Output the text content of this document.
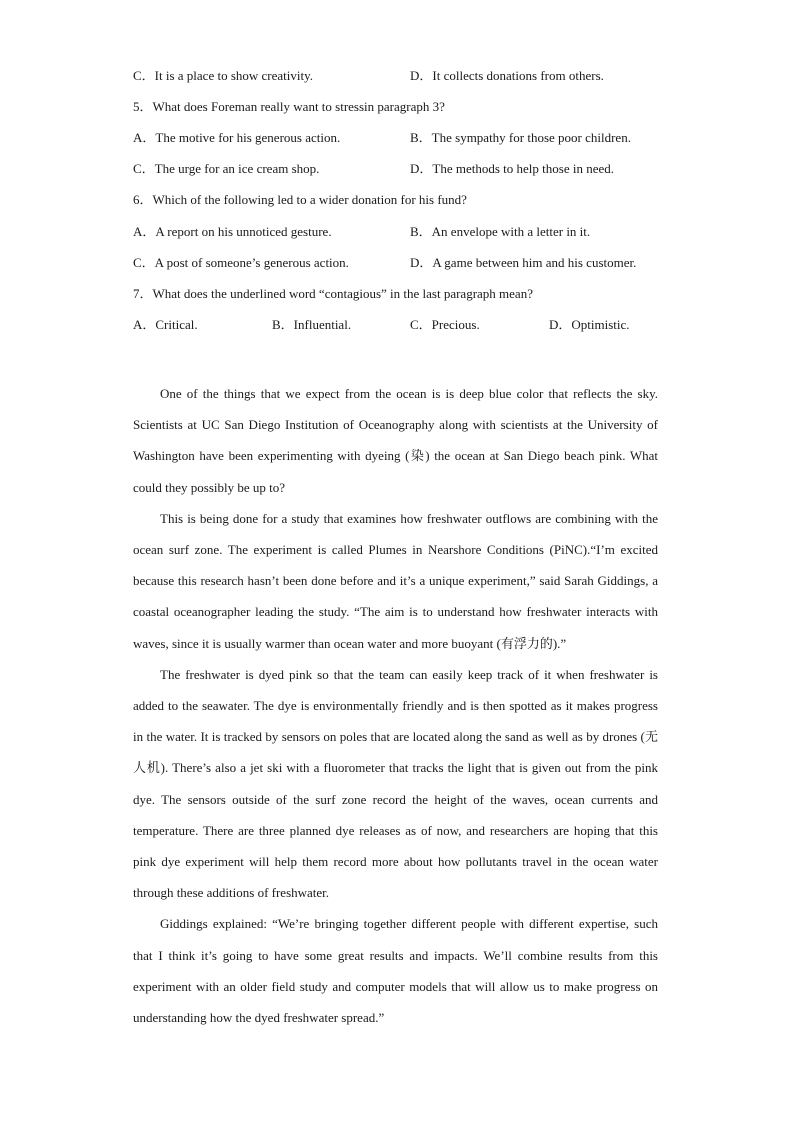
C．It is a place to show creativity.	D．It collects donations from others.
5．What does Foreman really want to stressin paragraph 3?
A．The motive for his generous action.	B．The sympathy for those poor children.
C．The urge for an ice cream shop.	D．The methods to help those in need.
6．Which of the following led to a wider donation for his fund?
A．A report on his unnoticed gesture.	B．An envelope with a letter in it.
C．A post of someone’s generous action.	D．A game between him and his customer.
7．What does the underlined word “contagious” in the last paragraph mean?
A．Critical.	B．Influential.	C．Precious.	D．Optimistic.

One of the things that we expect from the ocean is is deep blue color that reflects the sky. Scientists at UC San Diego Institution of Oceanography along with scientists at the University of Washington have been experimenting with dyeing (染) the ocean at San Diego beach pink. What could they possibly be up to?

This is being done for a study that examines how freshwater outflows are combining with the ocean surf zone. The experiment is called Plumes in Nearshore Conditions (PiNC).“I’m excited because this research hasn’t been done before and it’s a unique experiment,” said Sarah Giddings, a coastal oceanographer leading the study. “The aim is to understand how freshwater interacts with waves, since it is usually warmer than ocean water and more buoyant (有浮力的).”

The freshwater is dyed pink so that the team can easily keep track of it when freshwater is added to the seawater. The dye is environmentally friendly and is then spotted as it makes progress in the water. It is tracked by sensors on poles that are located along the sand as well as by drones (无人机). There’s also a jet ski with a fluorometer that tracks the light that is given out from the pink dye. The sensors outside of the surf zone record the height of the waves, ocean currents and temperature. There are three planned dye releases as of now, and researchers are hoping that this pink dye experiment will help them record more about how pollutants travel in the ocean water through these additions of freshwater.

Giddings explained: “We’re bringing together different people with different expertise, such that I think it’s going to have some great results and impacts. We’ll combine results from this experiment with an older field study and computer models that will allow us to make progress on understanding how the dyed freshwater spread.”
